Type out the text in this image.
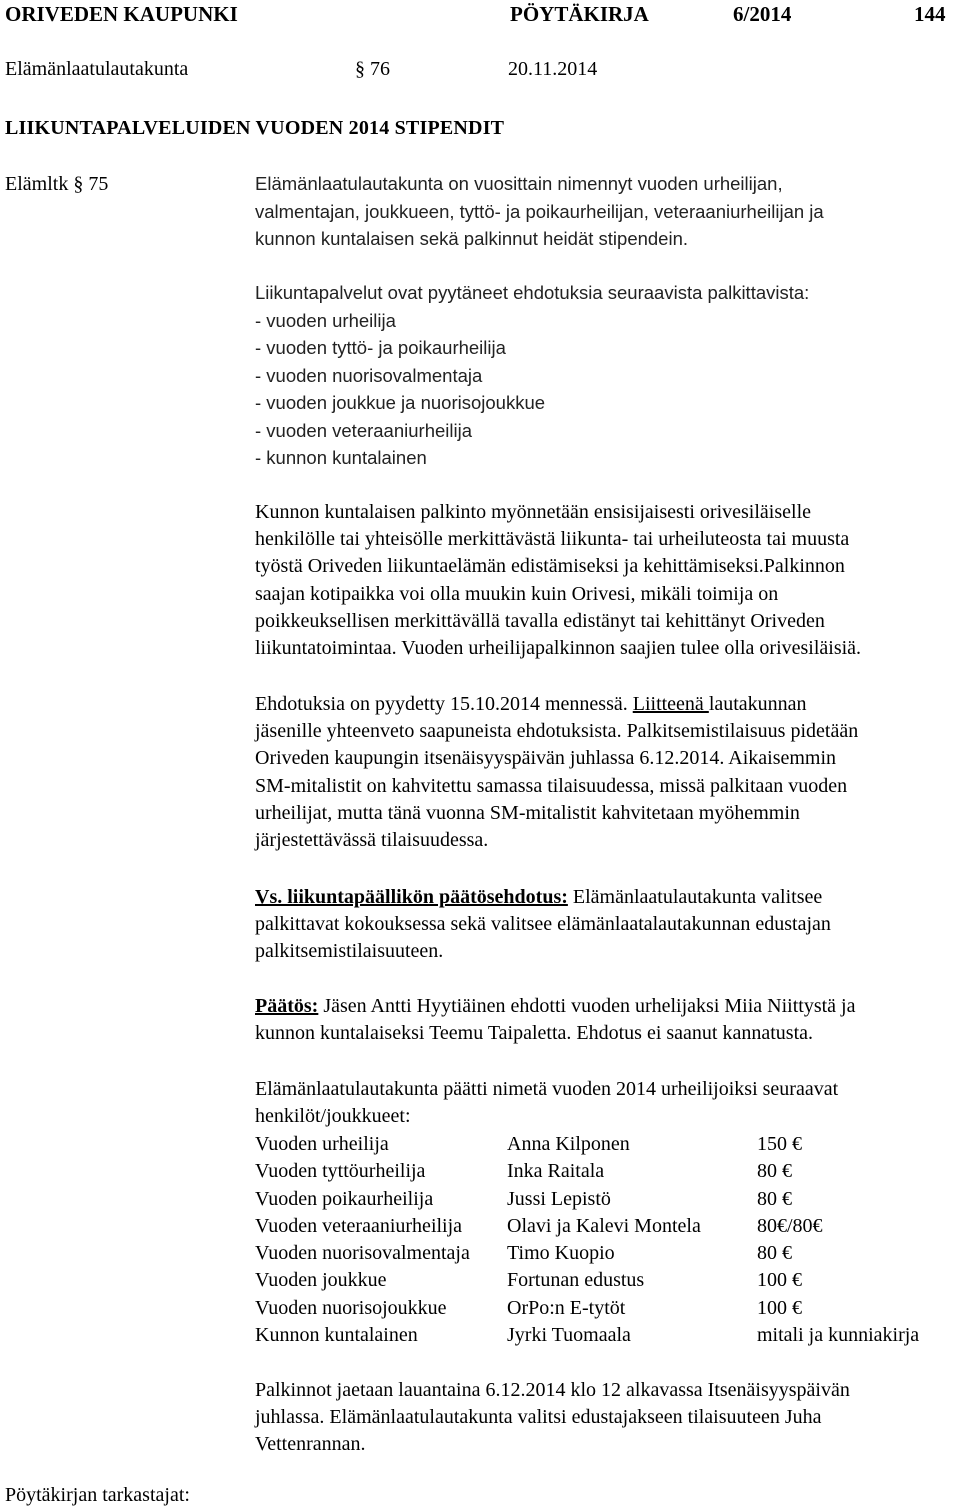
ORIVEDEN KAUPUNKI	PÖYTÄKIRJA	6/2014	144
Elämänlaatulautakunta	§ 76	20.11.2014
LIIKUNTAPALVELUIDEN VUODEN 2014 STIPENDIT
Elämltk § 75	Elämänlaatulautakunta on vuosittain nimennyt vuoden urheilijan,
valmentajan, joukkueen, tyttö- ja poikaurheilijan, veteraaniurheilijan ja
kunnon kuntalaisen sekä palkinnut heidät stipendein.
Liikuntapalvelut ovat pyytäneet ehdotuksia seuraavista palkittavista:
- vuoden urheilija
- vuoden tyttö- ja poikaurheilija
- vuoden nuorisovalmentaja
- vuoden joukkue ja nuorisojoukkue
- vuoden veteraaniurheilija
- kunnon kuntalainen
Kunnon kuntalaisen palkinto myönnetään ensisijaisesti orivesiläiselle
henkilölle tai yhteisölle merkittävästä liikunta- tai urheiluteosta tai muusta
työstä Oriveden liikuntaelämän edistämiseksi ja kehittämiseksi.Palkinnon
saajan kotipaikka voi olla muukin kuin Orivesi, mikäli toimija on
poikkeuksellisen merkittävällä tavalla edistänyt tai kehittänyt Oriveden
liikuntatoimintaa. Vuoden urheilijapalkinnon saajien tulee olla orivesiläisiä.
Ehdotuksia on pyydetty 15.10.2014 mennessä. Liitteenä lautakunnan
jäsenille yhteenveto saapuneista ehdotuksista. Palkitsemistilaisuus pidetään
Oriveden kaupungin itsenäisyyspäivän juhlassa 6.12.2014. Aikaisemmin
SM-mitalistit on kahvitettu samassa tilaisuudessa, missä palkitaan vuoden
urheilijat, mutta tänä vuonna SM-mitalistit kahvitetaan myöhemmin
järjestettävässä tilaisuudessa.
Vs. liikuntapäällikön päätösehdotus: Elämänlaatulautakunta valitsee
palkittavat kokouksessa sekä valitsee elämänlaatalautakunnan edustajan
palkitsemistilaisuuteen.
Päätös: Jäsen Antti Hyytiäinen ehdotti vuoden urhelijaksi Miia Niittystä ja
kunnon kuntalaiseksi Teemu Taipaletta. Ehdotus ei saanut kannatusta.
Elämänlaatulautakunta päätti nimetä vuoden 2014 urheilijoiksi seuraavat
henkilöt/joukkueet:
Vuoden urheilija	Anna Kilponen	150 €
Vuoden tyttöurheilija	Inka Raitala	80 €
Vuoden poikaurheilija	Jussi Lepistö	80 €
Vuoden veteraaniurheilija	Olavi ja Kalevi Montela	80€/80€
Vuoden nuorisovalmentaja	Timo Kuopio	80 €
Vuoden joukkue	Fortunan edustus	100 €
Vuoden nuorisojoukkue	OrPo:n E-tytöt	100 €
Kunnon kuntalainen	Jyrki Tuomaala	mitali ja kunniakirja
Palkinnot jaetaan lauantaina 6.12.2014 klo 12 alkavassa Itsenäisyyspäivän
juhlassa. Elämänlaatulautakunta valitsi edustajakseen tilaisuuteen Juha
Vettenrannan.
Pöytäkirjan tarkastajat:
